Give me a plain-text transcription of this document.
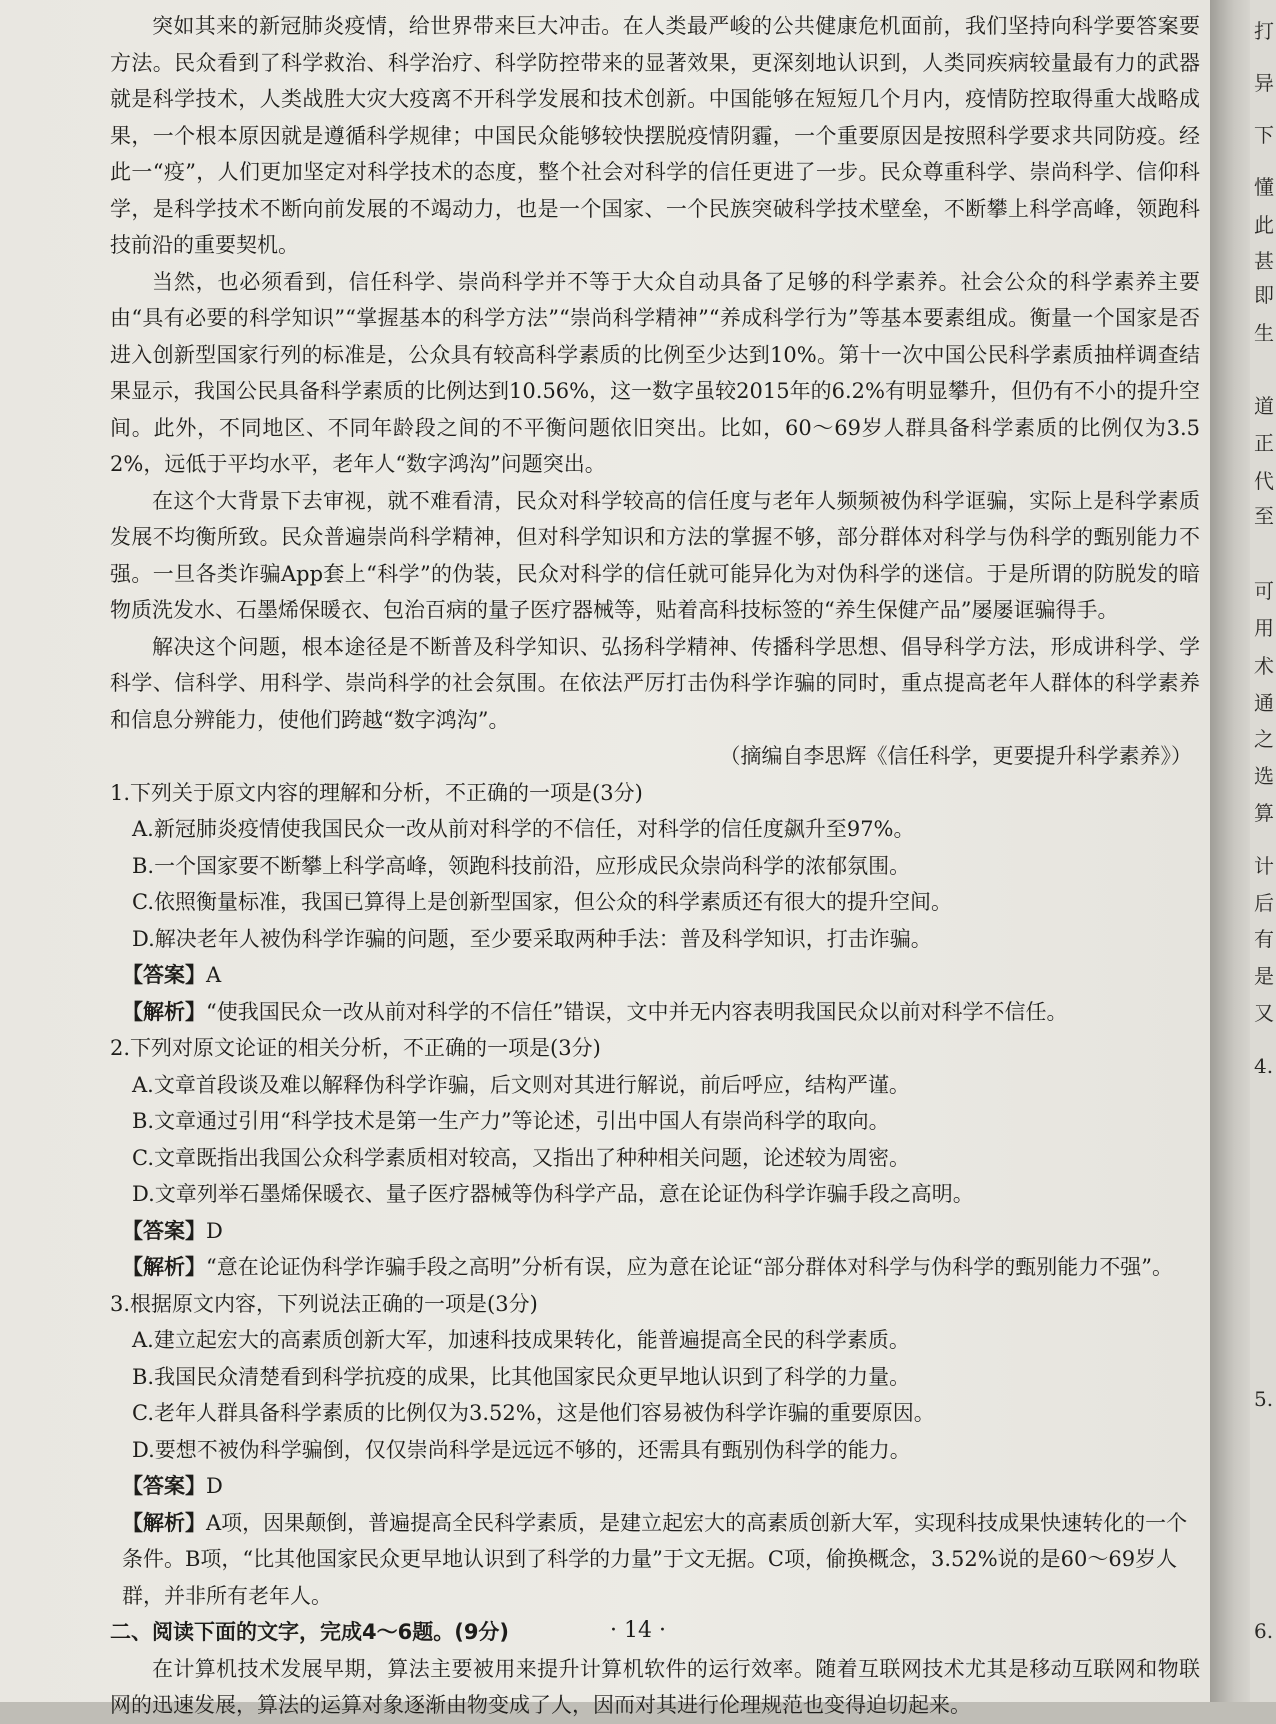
打
异
下
懂
此
甚
即
生
道
正
代
至
可
用
术
通
之
选
算
计
后
有
是
又
4.
5.
6.

突如其来的新冠肺炎疫情，给世界带来巨大冲击。在人类最严峻的公共健康危机面前，我们坚持向科学要答案要方法。民众看到了科学救治、科学治疗、科学防控带来的显著效果，更深刻地认识到，人类同疾病较量最有力的武器就是科学技术，人类战胜大灾大疫离不开科学发展和技术创新。中国能够在短短几个月内，疫情防控取得重大战略成果，一个根本原因就是遵循科学规律；中国民众能够较快摆脱疫情阴霾，一个重要原因是按照科学要求共同防疫。经此一“疫”，人们更加坚定对科学技术的态度，整个社会对科学的信任更进了一步。民众尊重科学、崇尚科学、信仰科学，是科学技术不断向前发展的不竭动力，也是一个国家、一个民族突破科学技术壁垒，不断攀上科学高峰，领跑科技前沿的重要契机。

当然，也必须看到，信任科学、崇尚科学并不等于大众自动具备了足够的科学素养。社会公众的科学素养主要由“具有必要的科学知识”“掌握基本的科学方法”“崇尚科学精神”“养成科学行为”等基本要素组成。衡量一个国家是否进入创新型国家行列的标准是，公众具有较高科学素质的比例至少达到10%。第十一次中国公民科学素质抽样调查结果显示，我国公民具备科学素质的比例达到10.56%，这一数字虽较2015年的6.2%有明显攀升，但仍有不小的提升空间。此外，不同地区、不同年龄段之间的不平衡问题依旧突出。比如，60～69岁人群具备科学素质的比例仅为3.52%，远低于平均水平，老年人“数字鸿沟”问题突出。

在这个大背景下去审视，就不难看清，民众对科学较高的信任度与老年人频频被伪科学诓骗，实际上是科学素质发展不均衡所致。民众普遍崇尚科学精神，但对科学知识和方法的掌握不够，部分群体对科学与伪科学的甄别能力不强。一旦各类诈骗App套上“科学”的伪装，民众对科学的信任就可能异化为对伪科学的迷信。于是所谓的防脱发的暗物质洗发水、石墨烯保暖衣、包治百病的量子医疗器械等，贴着高科技标签的“养生保健产品”屡屡诓骗得手。

解决这个问题，根本途径是不断普及科学知识、弘扬科学精神、传播科学思想、倡导科学方法，形成讲科学、学科学、信科学、用科学、崇尚科学的社会氛围。在依法严厉打击伪科学诈骗的同时，重点提高老年人群体的科学素养和信息分辨能力，使他们跨越“数字鸿沟”。

（摘编自李思辉《信任科学，更要提升科学素养》）
1.下列关于原文内容的理解和分析，不正确的一项是(3分)
A.新冠肺炎疫情使我国民众一改从前对科学的不信任，对科学的信任度飙升至97%。
B.一个国家要不断攀上科学高峰，领跑科技前沿，应形成民众崇尚科学的浓郁氛围。
C.依照衡量标准，我国已算得上是创新型国家，但公众的科学素质还有很大的提升空间。
D.解决老年人被伪科学诈骗的问题，至少要采取两种手法：普及科学知识，打击诈骗。
【答案】A
【解析】“使我国民众一改从前对科学的不信任”错误，文中并无内容表明我国民众以前对科学不信任。
2.下列对原文论证的相关分析，不正确的一项是(3分)
A.文章首段谈及难以解释伪科学诈骗，后文则对其进行解说，前后呼应，结构严谨。
B.文章通过引用“科学技术是第一生产力”等论述，引出中国人有崇尚科学的取向。
C.文章既指出我国公众科学素质相对较高，又指出了种种相关问题，论述较为周密。
D.文章列举石墨烯保暖衣、量子医疗器械等伪科学产品，意在论证伪科学诈骗手段之高明。
【答案】D
【解析】“意在论证伪科学诈骗手段之高明”分析有误，应为意在论证“部分群体对科学与伪科学的甄别能力不强”。
3.根据原文内容，下列说法正确的一项是(3分)
A.建立起宏大的高素质创新大军，加速科技成果转化，能普遍提高全民的科学素质。
B.我国民众清楚看到科学抗疫的成果，比其他国家民众更早地认识到了科学的力量。
C.老年人群具备科学素质的比例仅为3.52%，这是他们容易被伪科学诈骗的重要原因。
D.要想不被伪科学骗倒，仅仅崇尚科学是远远不够的，还需具有甄别伪科学的能力。
【答案】D
【解析】A项，因果颠倒，普遍提高全民科学素质，是建立起宏大的高素质创新大军，实现科技成果快速转化的一个条件。B项，“比其他国家民众更早地认识到了科学的力量”于文无据。C项，偷换概念，3.52%说的是60～69岁人群，并非所有老年人。
二、阅读下面的文字，完成4～6题。(9分)

在计算机技术发展早期，算法主要被用来提升计算机软件的运行效率。随着互联网技术尤其是移动互联网和物联网的迅速发展，算法的运算对象逐渐由物变成了人，因而对其进行伦理规范也变得迫切起来。

· 14 ·
